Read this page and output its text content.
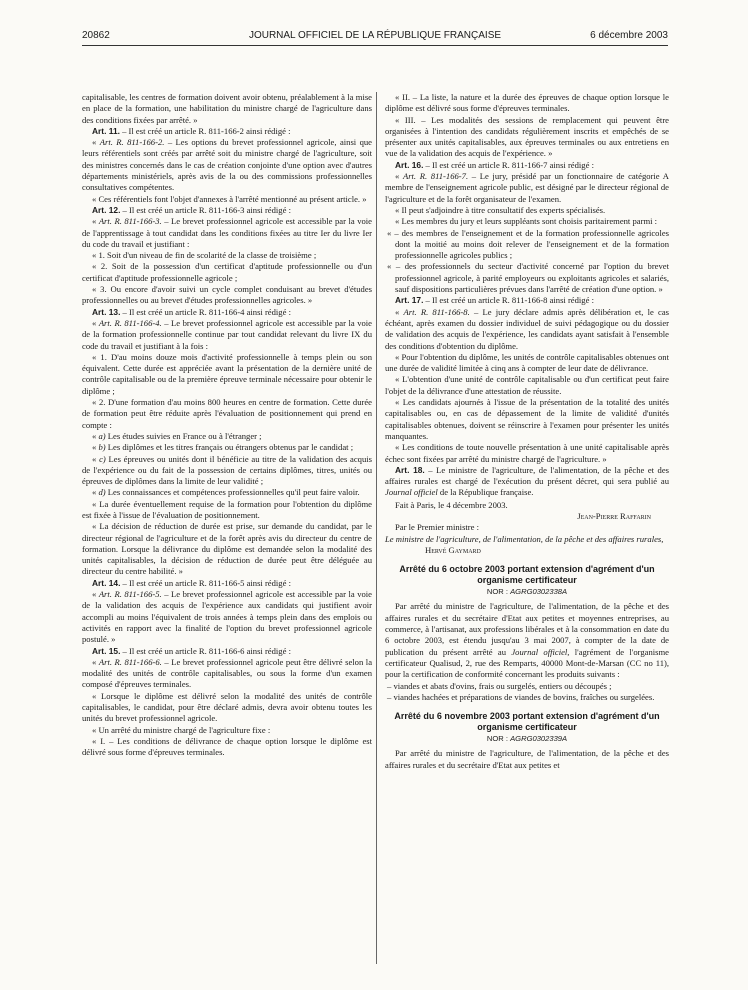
JOURNAL OFFICIEL DE LA RÉPUBLIQUE FRANÇAISE
20862	6 décembre 2003

capitalisable, les centres de formation doivent avoir obtenu, préalablement à la mise en place de la formation, une habilitation du ministre chargé de l'agriculture dans des conditions fixées par arrêté. »

Art. 11. – Il est créé un article R. 811-166-2 ainsi rédigé :

« Art. R. 811-166-2. – Les options du brevet professionnel agricole, ainsi que leurs référentiels sont créés par arrêté soit du ministre chargé de l'agriculture, soit des ministres concernés dans le cas de création conjointe d'une option avec d'autres départements ministériels, après avis de la ou des commissions professionnelles consultatives compétentes.

« Ces référentiels font l'objet d'annexes à l'arrêté mentionné au présent article. »

Art. 12. – Il est créé un article R. 811-166-3 ainsi rédigé :

« Art. R. 811-166-3. – Le brevet professionnel agricole est accessible par la voie de l'apprentissage à tout candidat dans les conditions fixées au titre Ier du livre Ier du code du travail et justifiant :

« 1. Soit d'un niveau de fin de scolarité de la classe de troisième ;

« 2. Soit de la possession d'un certificat d'aptitude professionnelle ou d'un certificat d'aptitude professionnelle agricole ;

« 3. Ou encore d'avoir suivi un cycle complet conduisant au brevet d'études professionnelles ou au brevet d'études professionnelles agricoles. »

Art. 13. – Il est créé un article R. 811-166-4 ainsi rédigé :

« Art. R. 811-166-4. – Le brevet professionnel agricole est accessible par la voie de la formation professionnelle continue par tout candidat relevant du livre IX du code du travail et justifiant à la fois :

« 1. D'au moins douze mois d'activité professionnelle à temps plein ou son équivalent. Cette durée est appréciée avant la présentation de la dernière unité de contrôle capitalisable ou de la première épreuve terminale nécessaire pour obtenir le diplôme ;

« 2. D'une formation d'au moins 800 heures en centre de formation. Cette durée de formation peut être réduite après l'évaluation de positionnement qui prend en compte :

« a) Les études suivies en France ou à l'étranger ;

« b) Les diplômes et les titres français ou étrangers obtenus par le candidat ;

« c) Les épreuves ou unités dont il bénéficie au titre de la validation des acquis de l'expérience ou du fait de la possession de certains diplômes, titres, unités ou épreuves de diplômes dans la limite de leur validité ;

« d) Les connaissances et compétences professionnelles qu'il peut faire valoir.

« La durée éventuellement requise de la formation pour l'obtention du diplôme est fixée à l'issue de l'évaluation de positionnement.

« La décision de réduction de durée est prise, sur demande du candidat, par le directeur régional de l'agriculture et de la forêt après avis du directeur du centre de formation. Lorsque la délivrance du diplôme est demandée selon la modalité des unités capitalisables, la décision de réduction de durée peut être déléguée au directeur du centre habilité. »

Art. 14. – Il est créé un article R. 811-166-5 ainsi rédigé :

« Art. R. 811-166-5. – Le brevet professionnel agricole est accessible par la voie de la validation des acquis de l'expérience aux candidats qui justifient avoir accompli au moins l'équivalent de trois années à temps plein dans des emplois ou activités en rapport avec la finalité de l'option du brevet professionnel agricole postulé. »

Art. 15. – Il est créé un article R. 811-166-6 ainsi rédigé :

« Art. R. 811-166-6. – Le brevet professionnel agricole peut être délivré selon la modalité des unités de contrôle capitalisables, ou sous la forme d'un examen composé d'épreuves terminales.

« Lorsque le diplôme est délivré selon la modalité des unités de contrôle capitalisables, le candidat, pour être déclaré admis, devra avoir obtenu toutes les unités du brevet professionnel agricole.

« Un arrêté du ministre chargé de l'agriculture fixe :

« I. – Les conditions de délivrance de chaque option lorsque le diplôme est délivré sous forme d'épreuves terminales.

« II. – La liste, la nature et la durée des épreuves de chaque option lorsque le diplôme est délivré sous forme d'épreuves terminales.

« III. – Les modalités des sessions de remplacement qui peuvent être organisées à l'intention des candidats régulièrement inscrits et empêchés de se présenter aux unités capitalisables, aux épreuves terminales ou aux entretiens en vue de la validation des acquis de l'expérience. »

Art. 16. – Il est créé un article R. 811-166-7 ainsi rédigé :

« Art. R. 811-166-7. – Le jury, présidé par un fonctionnaire de catégorie A membre de l'enseignement agricole public, est désigné par le directeur régional de l'agriculture et de la forêt organisateur de l'examen.

« Il peut s'adjoindre à titre consultatif des experts spécialisés.

« Les membres du jury et leurs suppléants sont choisis paritairement parmi :

« – des membres de l'enseignement et de la formation professionnelle agricoles dont la moitié au moins doit relever de l'enseignement et de la formation professionnelle agricoles publics ;

« – des professionnels du secteur d'activité concerné par l'option du brevet professionnel agricole, à parité employeurs ou exploitants agricoles et salariés, sauf dispositions particulières prévues dans l'arrêté de création d'une option. »

Art. 17. – Il est créé un article R. 811-166-8 ainsi rédigé :

« Art. R. 811-166-8. – Le jury déclare admis après délibération et, le cas échéant, après examen du dossier individuel de suivi pédagogique ou du dossier de validation des acquis de l'expérience, les candidats ayant satisfait à l'ensemble des conditions d'obtention du diplôme.

« Pour l'obtention du diplôme, les unités de contrôle capitalisables obtenues ont une durée de validité limitée à cinq ans à compter de leur date de délivrance.

« L'obtention d'une unité de contrôle capitalisable ou d'un certificat peut faire l'objet de la délivrance d'une attestation de réussite.

« Les candidats ajournés à l'issue de la présentation de la totalité des unités capitalisables ou, en cas de dépassement de la limite de validité d'unités capitalisables obtenues, doivent se réinscrire à l'examen pour présenter les unités manquantes.

« Les conditions de toute nouvelle présentation à une unité capitalisable après échec sont fixées par arrêté du ministre chargé de l'agriculture. »

Art. 18. – Le ministre de l'agriculture, de l'alimentation, de la pêche et des affaires rurales est chargé de l'exécution du présent décret, qui sera publié au Journal officiel de la République française.

Fait à Paris, le 4 décembre 2003.

Jean-Pierre Raffarin

Par le Premier ministre :

Le ministre de l'agriculture, de l'alimentation, de la pêche et des affaires rurales,

Hervé Gaymard

Arrêté du 6 octobre 2003 portant extension d'agrément d'un organisme certificateur

NOR : AGRG0302338A

Par arrêté du ministre de l'agriculture, de l'alimentation, de la pêche et des affaires rurales et du secrétaire d'Etat aux petites et moyennes entreprises, au commerce, à l'artisanat, aux professions libérales et à la consommation en date du 6 octobre 2003, est étendu jusqu'au 3 mai 2007, à compter de la date de publication du présent arrêté au Journal officiel, l'agrément de l'organisme certificateur Qualisud, 2, rue des Remparts, 40000 Mont-de-Marsan (CC no 11), pour la certification de conformité concernant les produits suivants :

– viandes et abats d'ovins, frais ou surgelés, entiers ou découpés ;

– viandes hachées et préparations de viandes de bovins, fraîches ou surgelées.

Arrêté du 6 novembre 2003 portant extension d'agrément d'un organisme certificateur

NOR : AGRG0302339A

Par arrêté du ministre de l'agriculture, de l'alimentation, de la pêche et des affaires rurales et du secrétaire d'Etat aux petites et
